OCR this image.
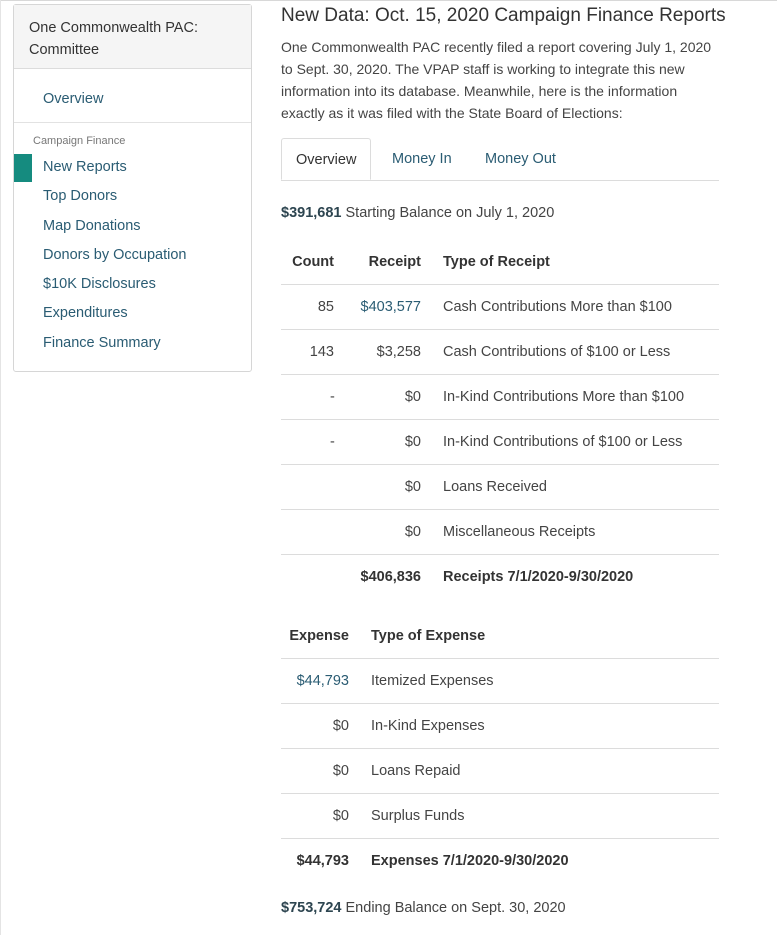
One Commonwealth PAC: Committee
Overview
Campaign Finance
New Reports
Top Donors
Map Donations
Donors by Occupation
$10K Disclosures
Expenditures
Finance Summary
New Data: Oct. 15, 2020 Campaign Finance Reports

One Commonwealth PAC recently filed a report covering July 1, 2020 to Sept. 30, 2020. The VPAP staff is working to integrate this new information into its database. Meanwhile, here is the information exactly as it was filed with the State Board of Elections:

Overview	Money In Money Out
$391,681 Starting Balance on July 1, 2020
Count	Receipt	Type of Receipt
85	$403,577	Cash Contributions More than $100
143	$3,258	Cash Contributions of $100 or Less
-	$0	In-Kind Contributions More than $100
-	$0	In-Kind Contributions of $100 or Less
	$0	Loans Received
	$0	Miscellaneous Receipts
	$406,836	Receipts 7/1/2020-9/30/2020
Expense	Type of Expense
$44,793	Itemized Expenses
$0	In-Kind Expenses
$0	Loans Repaid
$0	Surplus Funds
$44,793	Expenses 7/1/2020-9/30/2020
$753,724 Ending Balance on Sept. 30, 2020
